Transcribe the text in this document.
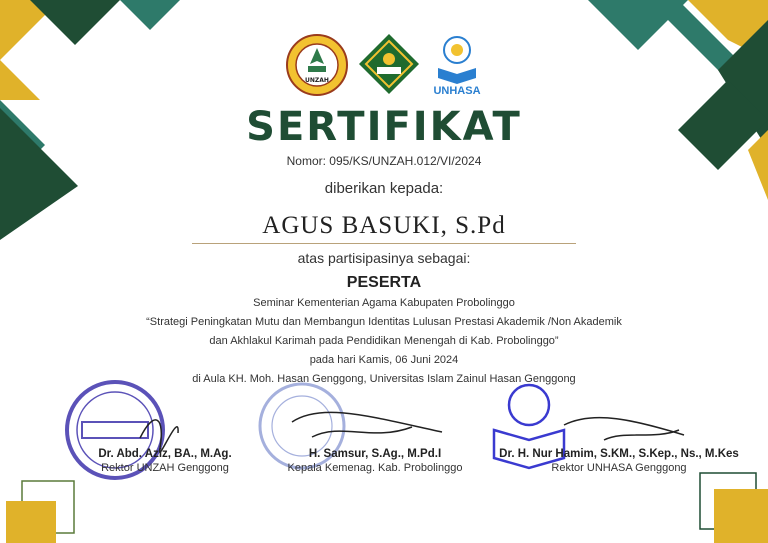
UNZAH
UNHASA
SERTIFIKAT
Nomor: 095/KS/UNZAH.012/VI/2024
diberikan kepada:
AGUS BASUKI, S.Pd
atas partisipasinya sebagai:
PESERTA
Seminar Kementerian Agama Kabupaten Probolinggo
“Strategi Peningkatan Mutu dan Membangun Identitas Lulusan Prestasi Akademik /Non Akademik
dan Akhlakul Karimah pada Pendidikan Menengah di Kab. Probolinggo”
pada hari Kamis, 06 Juni 2024
di Aula KH. Moh. Hasan Genggong, Universitas Islam Zainul Hasan Genggong
Dr. Abd. Aziz, BA., M.Ag.
Rektor UNZAH Genggong
H. Samsur, S.Ag., M.Pd.I
Kepala Kemenag. Kab. Probolinggo
Dr. H. Nur Hamim, S.KM., S.Kep., Ns., M.Kes
Rektor UNHASA Genggong
